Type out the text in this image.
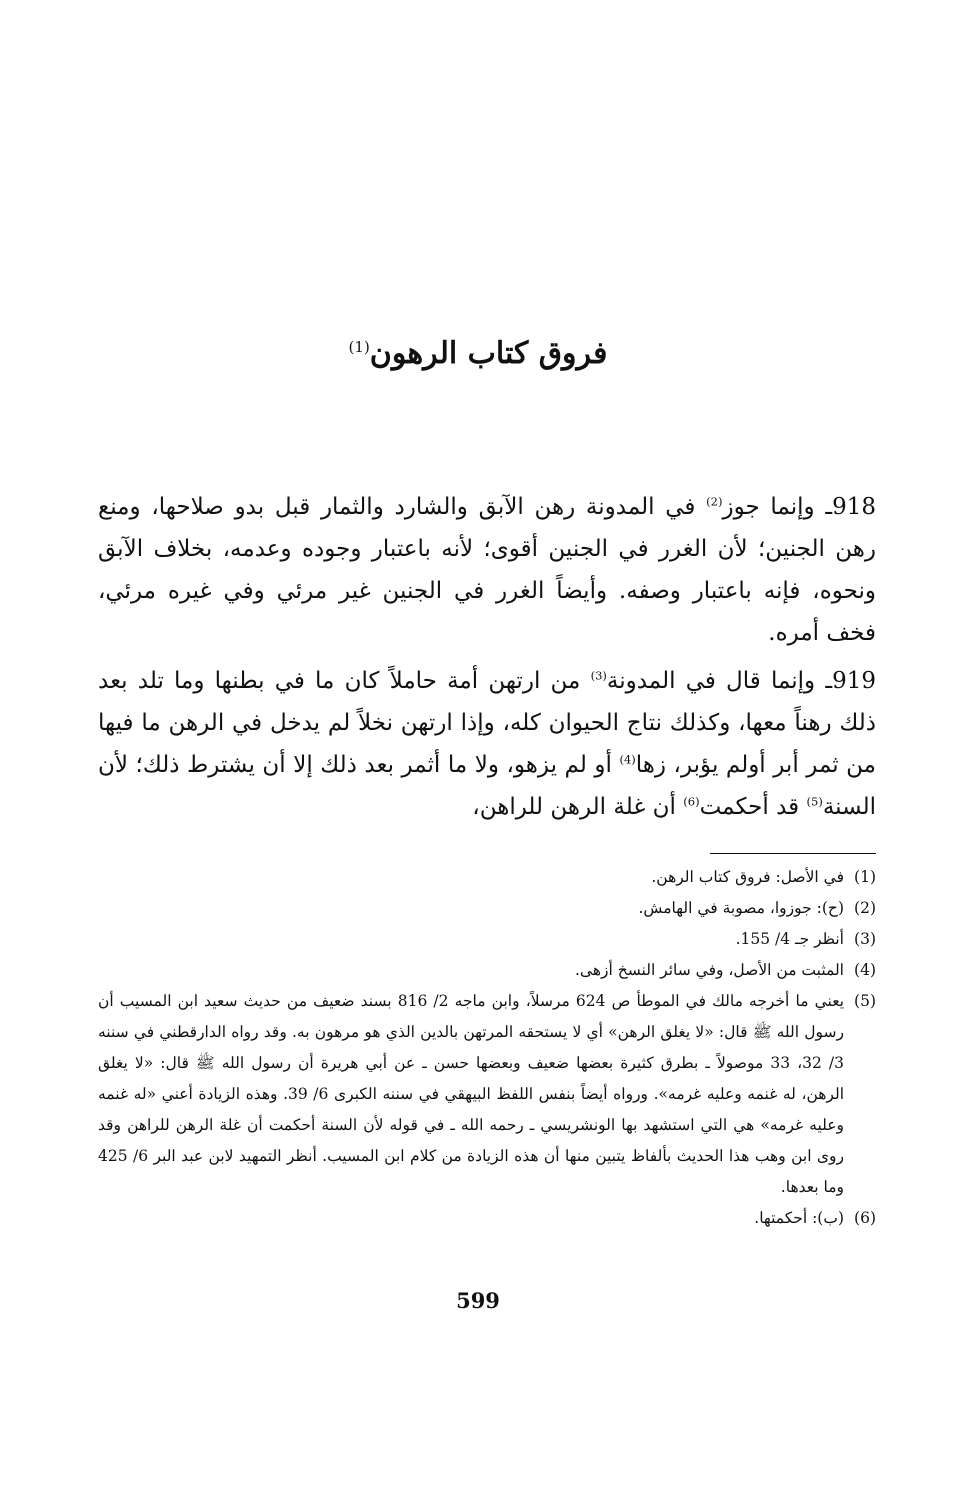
فروق كتاب الرهون$^{(1)}$

918ـ وإنما جوز$^{(2)}$ في المدونة رهن الآبق والشارد والثمار قبل بدو صلاحها، ومنع رهن الجنين؛ لأن الغرر في الجنين أقوى؛ لأنه باعتبار وجوده وعدمه، بخلاف الآبق ونحوه، فإنه باعتبار وصفه. وأيضاً الغرر في الجنين غير مرئي وفي غيره مرئي، فخف أمره.

919ـ وإنما قال في المدونة$^{(3)}$ من ارتهن أمة حاملاً كان ما في بطنها وما تلد بعد ذلك رهناً معها، وكذلك نتاج الحيوان كله، وإذا ارتهن نخلاً لم يدخل في الرهن ما فيها من ثمر أبر أولم يؤبر، زها$^{(4)}$ أو لم يزهو، ولا ما أثمر بعد ذلك إلا أن يشترط ذلك؛ لأن السنة$^{(5)}$ قد أحكمت$^{(6)}$ أن غلة الرهن للراهن،

(1)
في الأصل: فروق كتاب الرهن.

(2)
(ح): جوزوا، مصوبة في الهامش.

(3)
أنظر جـ 4/ 155.

(4)
المثبت من الأصل، وفي سائر النسخ أزهى.

(5)
يعني ما أخرجه مالك في الموطأ ص 624 مرسلاً، وابن ماجه 2/ 816 بسند ضعيف من حديث سعيد ابن المسيب أن رسول الله ﷺ قال: «لا يغلق الرهن» أي لا يستحقه المرتهن بالدين الذي هو مرهون به. وقد رواه الدارقطني في سننه 3/ 32، 33 موصولاً ـ بطرق كثيرة بعضها ضعيف وبعضها حسن ـ عن أبي هريرة أن رسول الله ﷺ قال: «لا يغلق الرهن، له غنمه وعليه غرمه». ورواه أيضاً بنفس اللفظ البيهقي في سننه الكبرى 6/ 39. وهذه الزيادة أعني «له غنمه وعليه غرمه» هي التي استشهد بها الونشريسي ـ رحمه الله ـ في قوله لأن السنة أحكمت أن غلة الرهن للراهن وقد روى ابن وهب هذا الحديث بألفاظ يتبين منها أن هذه الزيادة من كلام ابن المسيب. أنظر التمهيد لابن عبد البر 6/ 425 وما بعدها.

(6)
(ب): أحكمتها.

599
